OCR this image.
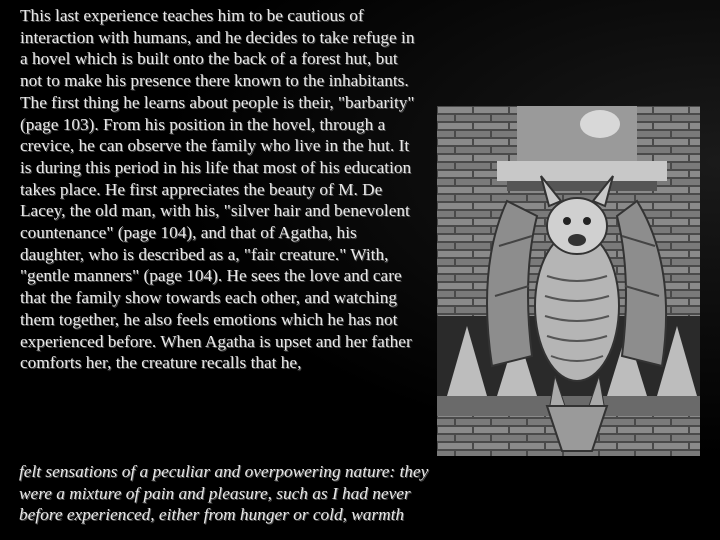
This last experience teaches him to be cautious of interaction with humans, and he decides to take refuge in a hovel which is built onto the back of a forest hut, but not to make his presence there known to the inhabitants. The first thing he learns about people is their, "barbarity" (page 103). From his position in the hovel, through a crevice, he can observe the family who live in the hut. It is during this period in his life that most of his education takes place. He first appreciates the beauty of M. De Lacey, the old man, with his, "silver hair and benevolent countenance" (page 104), and that of Agatha, his daughter, who is described as a, "fair creature." With, "gentle manners" (page 104). He sees the love and care that the family show towards each other, and watching them together, he also feels emotions which he has not experienced before. When Agatha is upset and her father comforts her, the creature recalls that he,

felt sensations of a peculiar and overpowering nature: they were a mixture of pain and pleasure, such as I had never before experienced, either from hunger or cold, warmth
